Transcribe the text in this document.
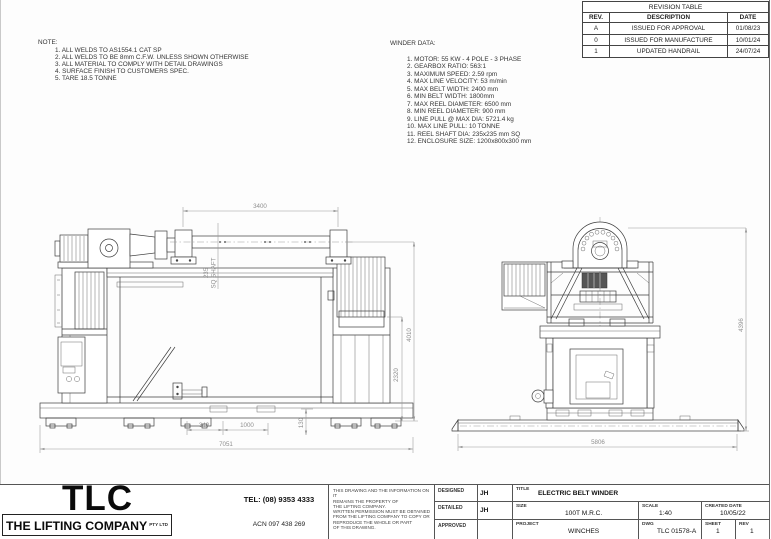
NOTE:
ALL WELDS TO AS1554.1 CAT SP
ALL WELDS TO BE 8mm C.F.W. UNLESS SHOWN OTHERWISE
ALL MATERIAL TO COMPLY WITH DETAIL DRAWINGS
SURFACE FINISH TO CUSTOMERS SPEC.
TARE 18.5 TONNE
WINDER DATA:
MOTOR: 55 KW - 4 POLE - 3 PHASE
GEARBOX RATIO: 563:1
MAXIMUM SPEED: 2.59 rpm
MAX LINE VELOCITY: 53 m/min
MAX BELT WIDTH: 2400 mm
MIN BELT WIDTH: 1800mm
MAX REEL DIAMETER: 6500 mm
MIN REEL DIAMETER: 900 mm
LINE PULL @ MAX DIA: 5721.4 kg
MAX LINE PULL: 10 TONNE
REEL SHAFT DIA: 235x235 mm SQ
ENCLOSURE SIZE: 1200x800x300 mm
REVISION TABLE
REV.	DESCRIPTION	DATE
A	ISSUED FOR APPROVAL	01/08/23
0	ISSUED FOR MANUFACTURE	10/01/24
1	UPDATED HANDRAIL	24/07/24
3400
235 SQ SHAFT
4010
2320
340	1000	130
7051
4396
5806
TLC
THE LIFTING COMPANY $^{PTY LTD}$
TEL: (08) 9353 4333
ACN 097 438 269
THIS DRAWING AND THE INFORMATION ON IT
REMAINS THE PROPERTY OF
THE LIFTING COMPANY.
WRITTEN PERMISSION MUST BE OBTAINED
FROM THE LIFTING COMPANY TO COPY OR
REPRODUCE THE WHOLE OR PART
OF THIS DRAWING.
DESIGNED JH
DETAILED	JH
APPROVED
TITLE
ELECTRIC BELT WINDER
SIZE
100T M.R.C.
SCALE
1:40
CREATED DATE
10/05/22
PROJECT
WINCHES
DWG
TLC 01578-A
SHEET
1
REV
1
